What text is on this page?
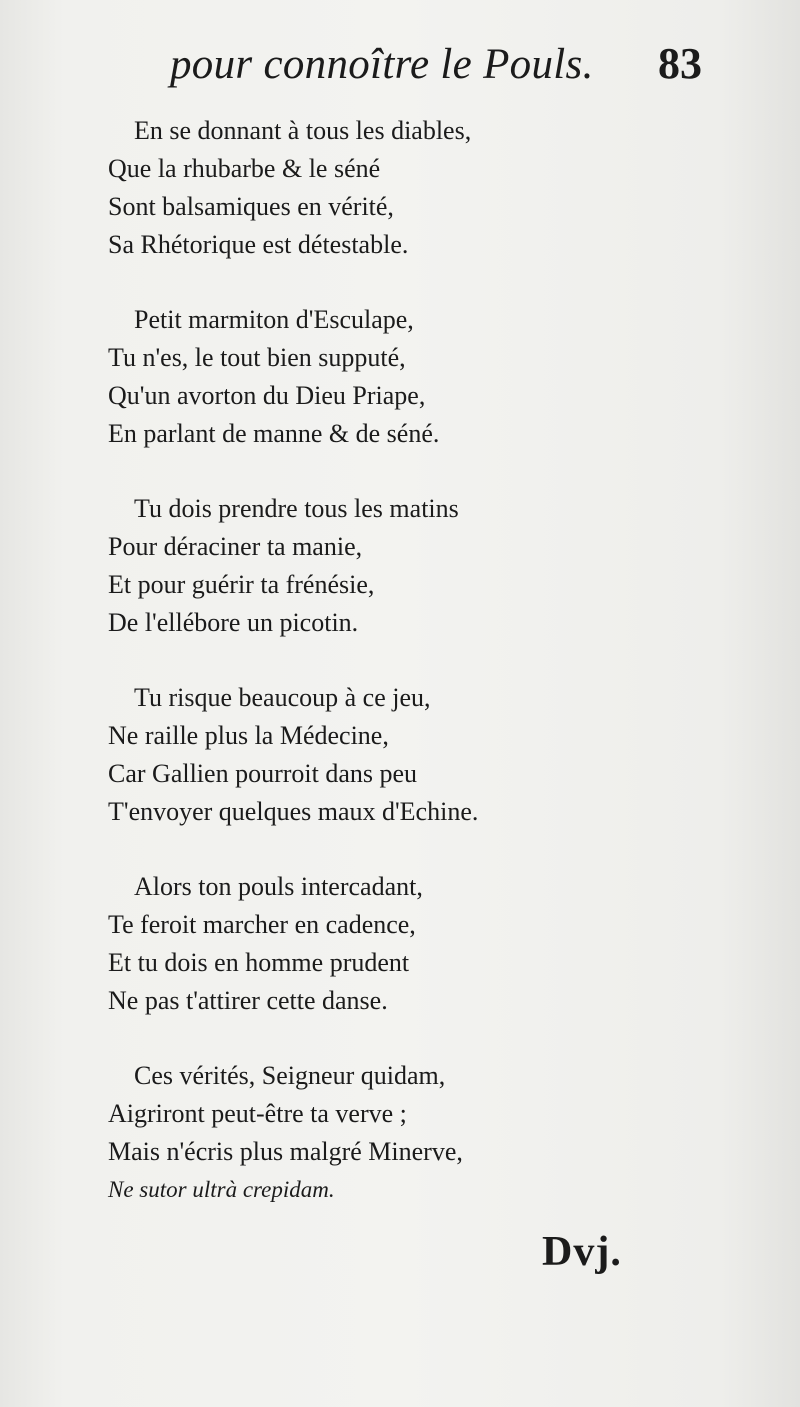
pour connoître le Pouls. 83
En se donnant à tous les diables,
Que la rhubarbe & le séné
Sont balsamiques en vérité,
Sa Rhétorique est détestable.
Petit marmiton d'Esculape,
Tu n'es, le tout bien supputé,
Qu'un avorton du Dieu Priape,
En parlant de manne & de séné.
Tu dois prendre tous les matins
Pour déraciner ta manie,
Et pour guérir ta frénésie,
De l'ellébore un picotin.
Tu risque beaucoup à ce jeu,
Ne raille plus la Médecine,
Car Gallien pourroit dans peu
T'envoyer quelques maux d'Echine.
Alors ton pouls intercadant,
Te feroit marcher en cadence,
Et tu dois en homme prudent
Ne pas t'attirer cette danse.
Ces vérités, Seigneur quidam,
Aigriront peut-être ta verve ;
Mais n'écris plus malgré Minerve,
Ne sutor ultrà crepidam.
Dvj.
